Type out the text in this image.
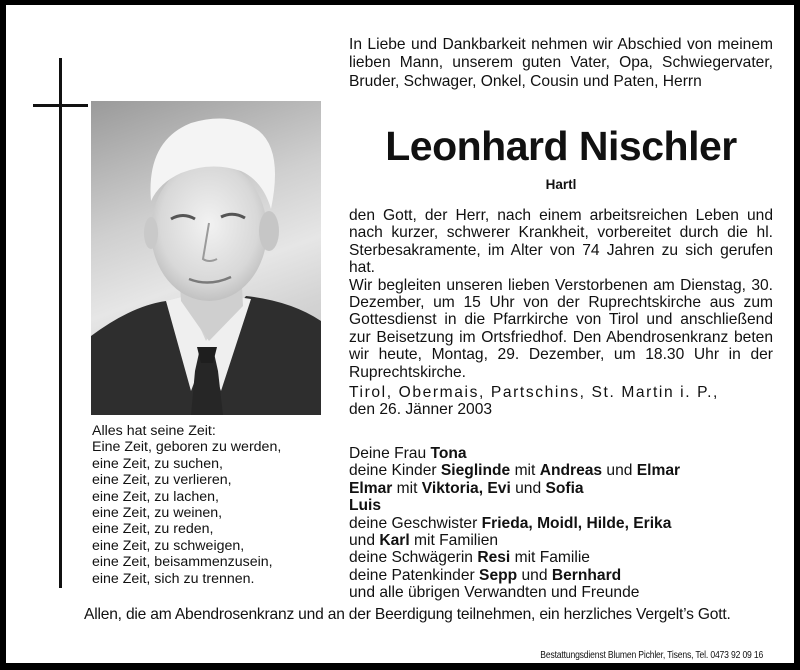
Alles hat seine Zeit:
Eine Zeit, geboren zu werden,
eine Zeit, zu suchen,
eine Zeit, zu verlieren,
eine Zeit, zu lachen,
eine Zeit, zu weinen,
eine Zeit, zu reden,
eine Zeit, zu schweigen,
eine Zeit, beisammenzusein,
eine Zeit, sich zu trennen.
In Liebe und Dankbarkeit nehmen wir Abschied von meinem lieben Mann, unserem guten Vater, Opa, Schwiegervater, Bruder, Schwager, Onkel, Cousin und Paten, Herrn
Leonhard Nischler
Hartl

den Gott, der Herr, nach einem arbeitsreichen Leben und nach kurzer, schwerer Krankheit, vorbereitet durch die hl. Sterbesakramente, im Alter von 74 Jahren zu sich gerufen hat.

Wir begleiten unseren lieben Verstorbenen am Dienstag, 30. Dezember, um 15 Uhr von der Ruprechtskirche aus zum Gottesdienst in die Pfarrkirche von Tirol und anschließend zur Beisetzung im Ortsfriedhof. Den Abendrosenkranz beten wir heute, Montag, 29. Dezember, um 18.30 Uhr in der Ruprechtskirche.

Tirol, Obermais, Partschins, St. Martin i. P.,

den 26. Jänner 2003

Deine Frau Tona
deine Kinder Sieglinde mit Andreas und Elmar
Elmar mit Viktoria, Evi und Sofia
Luis
deine Geschwister Frieda, Moidl, Hilde, Erika
und Karl mit Familien
deine Schwägerin Resi mit Familie
deine Patenkinder Sepp und Bernhard
und alle übrigen Verwandten und Freunde
Allen, die am Abendrosenkranz und an der Beerdigung teilnehmen, ein herzliches Vergelt’s Gott.
Bestattungsdienst Blumen Pichler, Tisens, Tel. 0473 92 09 16
